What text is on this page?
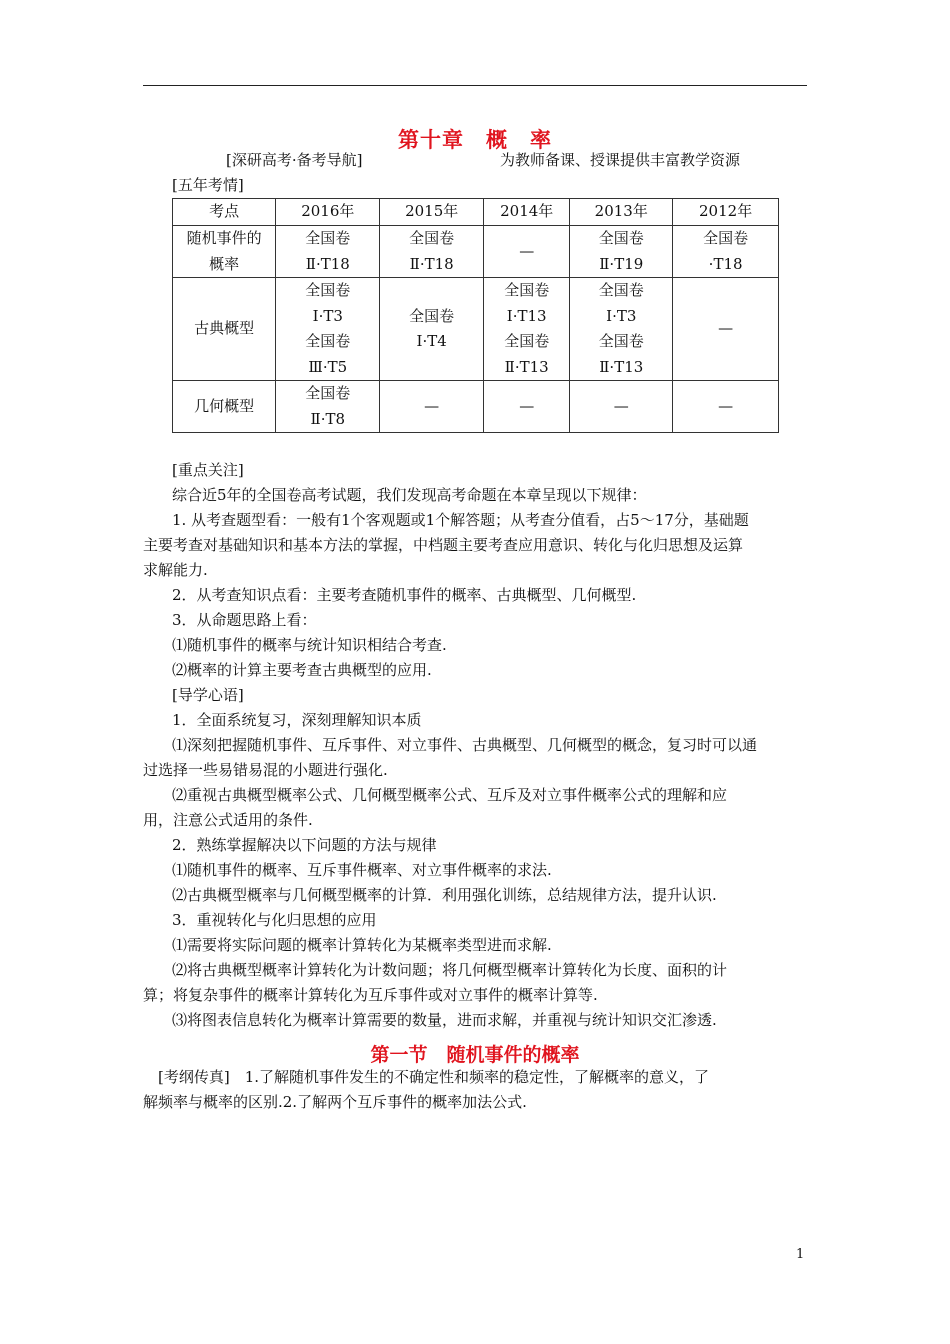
第十章　概　率
[深研高考·备考导航]	为教师备课、授课提供丰富教学资源
[五年考情]
考点	2016年	2015年	2014年	2013年	2012年

随机事件的
概率	全国卷
Ⅱ·T18	全国卷
Ⅱ·T18	—	全国卷
Ⅱ·T19	全国卷
·T18

古典概型	全国卷
Ⅰ·T3
全国卷
Ⅲ·T5	全国卷
Ⅰ·T4	全国卷
Ⅰ·T13
全国卷
Ⅱ·T13	全国卷
Ⅰ·T3
全国卷
Ⅱ·T13	—

几何概型	全国卷
Ⅱ·T8	—	—	—	—
[重点关注]
综合近5年的全国卷高考试题，我们发现高考命题在本章呈现以下规律：
1. 从考查题型看：一般有1个客观题或1个解答题；从考查分值看，占5～17分，基础题
主要考查对基础知识和基本方法的掌握，中档题主要考查应用意识、转化与化归思想及运算
求解能力.
2．从考查知识点看：主要考查随机事件的概率、古典概型、几何概型.
3．从命题思路上看：
⑴随机事件的概率与统计知识相结合考查.
⑵概率的计算主要考查古典概型的应用.
[导学心语]
1．全面系统复习，深刻理解知识本质
⑴深刻把握随机事件、互斥事件、对立事件、古典概型、几何概型的概念，复习时可以通
过选择一些易错易混的小题进行强化.
⑵重视古典概型概率公式、几何概型概率公式、互斥及对立事件概率公式的理解和应
用，注意公式适用的条件.
2．熟练掌握解决以下问题的方法与规律
⑴随机事件的概率、互斥事件概率、对立事件概率的求法.
⑵古典概型概率与几何概型概率的计算．利用强化训练，总结规律方法，提升认识.
3．重视转化与化归思想的应用
⑴需要将实际问题的概率计算转化为某概率类型进而求解.
⑵将古典概型概率计算转化为计数问题；将几何概型概率计算转化为长度、面积的计
算；将复杂事件的概率计算转化为互斥事件或对立事件的概率计算等.
⑶将图表信息转化为概率计算需要的数量，进而求解，并重视与统计知识交汇渗透.
第一节　随机事件的概率
[考纲传真]　1.了解随机事件发生的不确定性和频率的稳定性，了解概率的意义，了
解频率与概率的区别.2.了解两个互斥事件的概率加法公式.
1
